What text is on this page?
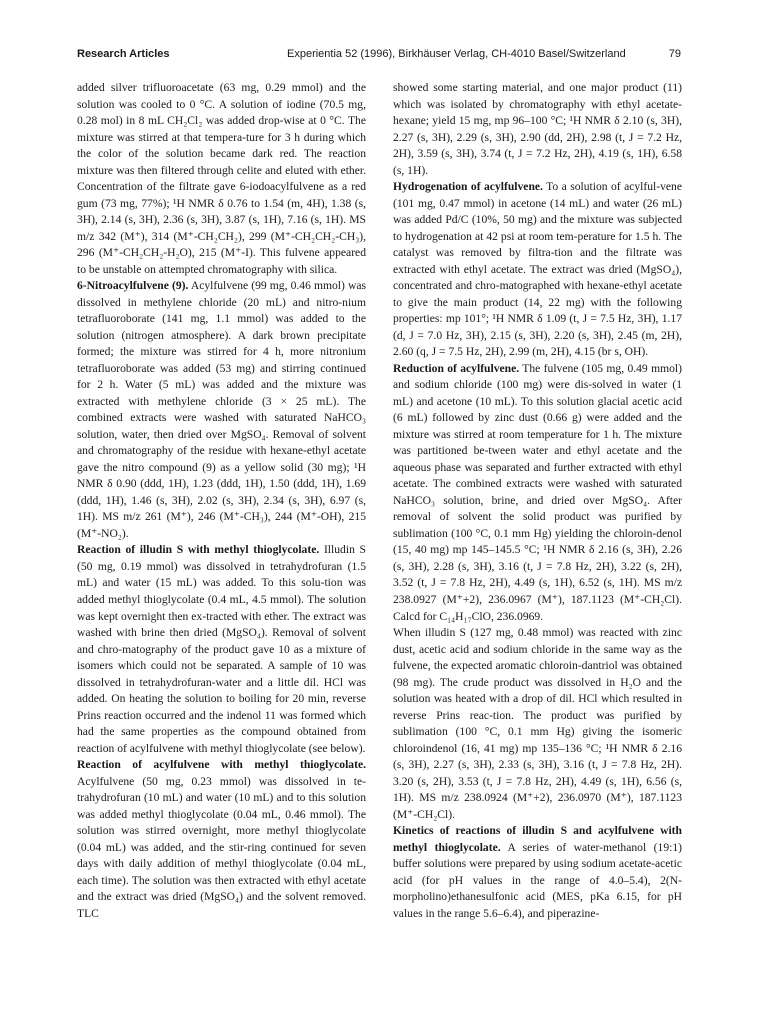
Research Articles	Experientia 52 (1996), Birkhäuser Verlag, CH-4010 Basel/Switzerland	79

added silver trifluoroacetate (63 mg, 0.29 mmol) and the solution was cooled to 0 °C. A solution of iodine (70.5 mg, 0.28 mol) in 8 mL CH₂Cl₂ was added drop-wise at 0 °C. The mixture was stirred at that tempera-ture for 3 h during which the color of the solution became dark red. The reaction mixture was then filtered through celite and eluted with ether. Concentration of the filtrate gave 6-iodoacylfulvene as a red gum (73 mg, 77%); ¹H NMR δ 0.76 to 1.54 (m, 4H), 1.38 (s, 3H), 2.14 (s, 3H), 2.36 (s, 3H), 3.87 (s, 1H), 7.16 (s, 1H). MS m/z 342 (M⁺), 314 (M⁺-CH₂CH₂), 299 (M⁺-CH₂CH₂-CH₃), 296 (M⁺-CH₂CH₂-H₂O), 215 (M⁺-I). This fulvene appeared to be unstable on attempted chromatography with silica.

6-Nitroacylfulvene (9). Acylfulvene (99 mg, 0.46 mmol) was dissolved in methylene chloride (20 mL) and nitro-nium tetrafluoroborate (141 mg, 1.1 mmol) was added to the solution (nitrogen atmosphere). A dark brown precipitate formed; the mixture was stirred for 4 h, more nitronium tetrafluoroborate was added (53 mg) and stirring continued for 2 h. Water (5 mL) was added and the mixture was extracted with methylene chloride (3 × 25 mL). The combined extracts were washed with saturated NaHCO₃ solution, water, then dried over MgSO₄. Removal of solvent and chromatography of the residue with hexane-ethyl acetate gave the nitro compound (9) as a yellow solid (30 mg); ¹H NMR δ 0.90 (ddd, 1H), 1.23 (ddd, 1H), 1.50 (ddd, 1H), 1.69 (ddd, 1H), 1.46 (s, 3H), 2.02 (s, 3H), 2.34 (s, 3H), 6.97 (s, 1H). MS m/z 261 (M⁺), 246 (M⁺-CH₃), 244 (M⁺-OH), 215 (M⁺-NO₂).

Reaction of illudin S with methyl thioglycolate. Illudin S (50 mg, 0.19 mmol) was dissolved in tetrahydrofuran (1.5 mL) and water (15 mL) was added. To this solu-tion was added methyl thioglycolate (0.4 mL, 4.5 mmol). The solution was kept overnight then ex-tracted with ether. The extract was washed with brine then dried (MgSO₄). Removal of solvent and chro-matography of the product gave 10 as a mixture of isomers which could not be separated. A sample of 10 was dissolved in tetrahydrofuran-water and a little dil. HCl was added. On heating the solution to boiling for 20 min, reverse Prins reaction occurred and the indenol 11 was formed which had the same properties as the compound obtained from reaction of acylfulvene with methyl thioglycolate (see below).

Reaction of acylfulvene with methyl thioglycolate. Acylfulvene (50 mg, 0.23 mmol) was dissolved in te-trahydrofuran (10 mL) and water (10 mL) and to this solution was added methyl thioglycolate (0.04 mL, 0.46 mmol). The solution was stirred overnight, more methyl thioglycolate (0.04 mL) was added, and the stir-ring continued for seven days with daily addition of methyl thioglycolate (0.04 mL, each time). The solution was then extracted with ethyl acetate and the extract was dried (MgSO₄) and the solvent removed. TLC

showed some starting material, and one major product (11) which was isolated by chromatography with ethyl acetate-hexane; yield 15 mg, mp 96–100 °C; ¹H NMR δ 2.10 (s, 3H), 2.27 (s, 3H), 2.29 (s, 3H), 2.90 (dd, 2H), 2.98 (t, J = 7.2 Hz, 2H), 3.59 (s, 3H), 3.74 (t, J = 7.2 Hz, 2H), 4.19 (s, 1H), 6.58 (s, 1H).

Hydrogenation of acylfulvene. To a solution of acylful-vene (101 mg, 0.47 mmol) in acetone (14 mL) and water (26 mL) was added Pd/C (10%, 50 mg) and the mixture was subjected to hydrogenation at 42 psi at room tem-perature for 1.5 h. The catalyst was removed by filtra-tion and the filtrate was extracted with ethyl acetate. The extract was dried (MgSO₄), concentrated and chro-matographed with hexane-ethyl acetate to give the main product (14, 22 mg) with the following properties: mp 101°; ¹H NMR δ 1.09 (t, J = 7.5 Hz, 3H), 1.17 (d, J = 7.0 Hz, 3H), 2.15 (s, 3H), 2.20 (s, 3H), 2.45 (m, 2H), 2.60 (q, J = 7.5 Hz, 2H), 2.99 (m, 2H), 4.15 (br s, OH).

Reduction of acylfulvene. The fulvene (105 mg, 0.49 mmol) and sodium chloride (100 mg) were dis-solved in water (1 mL) and acetone (10 mL). To this solution glacial acetic acid (6 mL) followed by zinc dust (0.66 g) were added and the mixture was stirred at room temperature for 1 h. The mixture was partitioned be-tween water and ethyl acetate and the aqueous phase was separated and further extracted with ethyl acetate. The combined extracts were washed with saturated NaHCO₃ solution, brine, and dried over MgSO₄. After removal of solvent the solid product was purified by sublimation (100 °C, 0.1 mm Hg) yielding the chloroin-denol (15, 40 mg) mp 145–145.5 °C; ¹H NMR δ 2.16 (s, 3H), 2.26 (s, 3H), 2.28 (s, 3H), 3.16 (t, J = 7.8 Hz, 2H), 3.22 (s, 2H), 3.52 (t, J = 7.8 Hz, 2H), 4.49 (s, 1H), 6.52 (s, 1H). MS m/z 238.0927 (M⁺+2), 236.0967 (M⁺), 187.1123 (M⁺-CH₂Cl). Calcd for C₁₄H₁₇ClO, 236.0969.

When illudin S (127 mg, 0.48 mmol) was reacted with zinc dust, acetic acid and sodium chloride in the same way as the fulvene, the expected aromatic chloroin-dantriol was obtained (98 mg). The crude product was dissolved in H₂O and the solution was heated with a drop of dil. HCl which resulted in reverse Prins reac-tion. The product was purified by sublimation (100 °C, 0.1 mm Hg) giving the isomeric chloroindenol (16, 41 mg) mp 135–136 °C; ¹H NMR δ 2.16 (s, 3H), 2.27 (s, 3H), 2.33 (s, 3H), 3.16 (t, J = 7.8 Hz, 2H). 3.20 (s, 2H), 3.53 (t, J = 7.8 Hz, 2H), 4.49 (s, 1H), 6.56 (s, 1H). MS m/z 238.0924 (M⁺+2), 236.0970 (M⁺), 187.1123 (M⁺-CH₂Cl).

Kinetics of reactions of illudin S and acylfulvene with methyl thioglycolate. A series of water-methanol (19:1) buffer solutions were prepared by using sodium acetate-acetic acid (for pH values in the range of 4.0–5.4), 2(N-morpholino)ethanesulfonic acid (MES, pKa 6.15, for pH values in the range 5.6–6.4), and piperazine-
